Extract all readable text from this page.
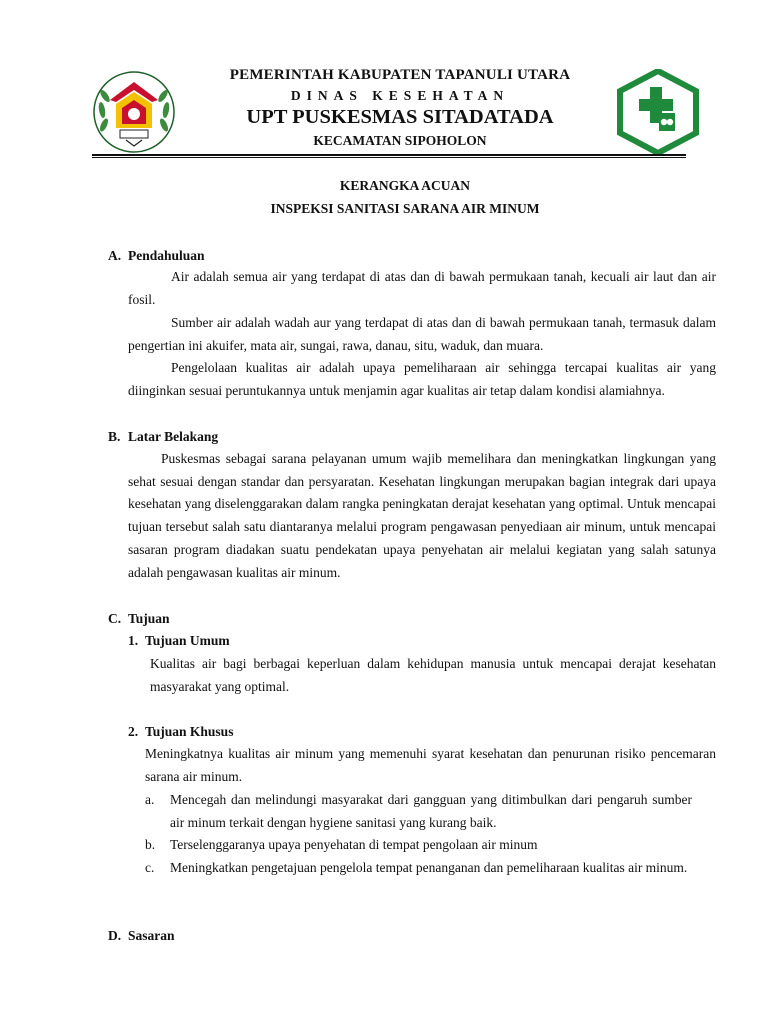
PEMERINTAH KABUPATEN TAPANULI UTARA
DINAS KESEHATAN
UPT PUSKESMAS SITADATADA
KECAMATAN SIPOHOLON
KERANGKA ACUAN
INSPEKSI SANITASI SARANA AIR MINUM
A. Pendahuluan

Air adalah semua air yang terdapat di atas dan di bawah permukaan tanah, kecuali air laut dan air fosil.

Sumber air adalah wadah aur yang terdapat di atas dan di bawah permukaan tanah, termasuk dalam pengertian ini akuifer, mata air, sungai, rawa, danau, situ, waduk, dan muara.

Pengelolaan kualitas air adalah upaya pemeliharaan air sehingga tercapai kualitas air yang diinginkan sesuai peruntukannya untuk menjamin agar kualitas air tetap dalam kondisi alamiahnya.

B. Latar Belakang

Puskesmas sebagai sarana pelayanan umum wajib memelihara dan meningkatkan lingkungan yang sehat sesuai dengan standar dan persyaratan. Kesehatan lingkungan merupakan bagian integrak dari upaya kesehatan yang diselenggarakan dalam rangka peningkatan derajat kesehatan yang optimal. Untuk mencapai tujuan tersebut salah satu diantaranya melalui program pengawasan penyediaan air minum, untuk mencapai sasaran program diadakan suatu pendekatan upaya penyehatan air melalui kegiatan yang salah satunya adalah pengawasan kualitas air minum.

C. Tujuan
1. Tujuan Umum

Kualitas air bagi berbagai keperluan dalam kehidupan manusia untuk mencapai derajat kesehatan masyarakat yang optimal.

2. Tujuan Khusus

Meningkatnya kualitas air minum yang memenuhi syarat kesehatan dan penurunan risiko pencemaran sarana air minum.

a. Mencegah dan melindungi masyarakat dari gangguan yang ditimbulkan dari pengaruh sumber air minum terkait dengan hygiene sanitasi yang kurang baik.
b. Terselenggaranya upaya penyehatan di tempat pengolaan air minum
c. Meningkatkan pengetajuan pengelola tempat penanganan dan pemeliharaan kualitas air minum.
D. Sasaran
